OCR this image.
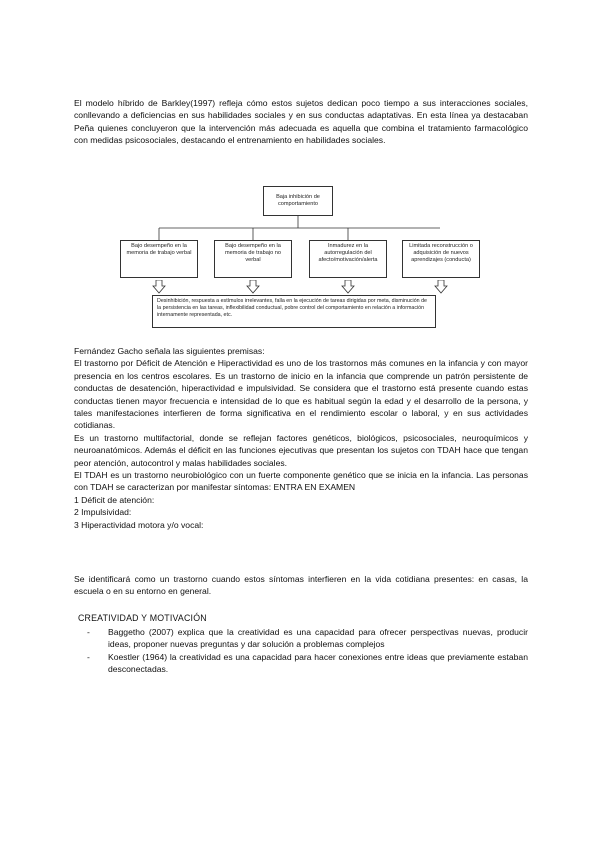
El modelo híbrido de Barkley(1997) refleja cómo estos sujetos dedican poco tiempo a sus interacciones sociales, conllevando a deficiencias en sus habilidades sociales y en sus conductas adaptativas. En esta línea ya destacaban Peña quienes concluyeron que la intervención más adecuada es aquella que combina el tratamiento farmacológico con medidas psicosociales, destacando el entrenamiento en habilidades sociales.

Baja inhibición de comportamiento
Bajo desempeño en la memoria de trabajo verbal
Bajo desempeño en la memoria de trabajo no verbal
Inmadurez en la autorregulación del afecto/motivación/alerta
Limitada reconstrucción o adquisición de nuevos aprendizajes (conducta)
Desinhibición, respuesta a estímulos irrelevantes, falla en la ejecución de tareas dirigidas por meta, disminución de la persistencia en las tareas, inflexibilidad conductual, pobre control del comportamiento en relación a información internamente representada, etc.
Fernández Gacho señala las siguientes premisas:
El trastorno por Déficit de Atención e Hiperactividad es uno de los trastornos más comunes en la infancia y con mayor presencia en los centros escolares. Es un trastorno de inicio en la infancia que comprende un patrón persistente de conductas de desatención, hiperactividad e impulsividad. Se considera que el trastorno está presente cuando estas conductas tienen mayor frecuencia e intensidad de lo que es habitual según la edad y el desarrollo de la persona, y tales manifestaciones interfieren de forma significativa en el rendimiento escolar o laboral, y en sus actividades cotidianas.
Es un trastorno multifactorial, donde se reflejan factores genéticos, biológicos, psicosociales, neuroquímicos y neuroanatómicos. Además el déficit en las funciones ejecutivas que presentan los sujetos con TDAH hace que tengan peor atención, autocontrol y malas habilidades sociales.
El TDAH es un trastorno neurobiológico con un fuerte componente genético que se inicia en la infancia. Las personas con TDAH se caracterizan por manifestar síntomas: ENTRA EN EXAMEN
1 Déficit de atención:
2 Impulsividad:
3 Hiperactividad motora y/o vocal:

Se identificará como un trastorno cuando estos síntomas interfieren en la vida cotidiana presentes: en casas, la escuela o en su entorno en general.

CREATIVIDAD Y MOTIVACIÓN

- Baggetho (2007) explica que la creatividad es una capacidad para ofrecer perspectivas nuevas, producir ideas, proponer nuevas preguntas y dar solución a problemas complejos
- Koestler (1964) la creatividad es una capacidad para hacer conexiones entre ideas que previamente estaban desconectadas.
